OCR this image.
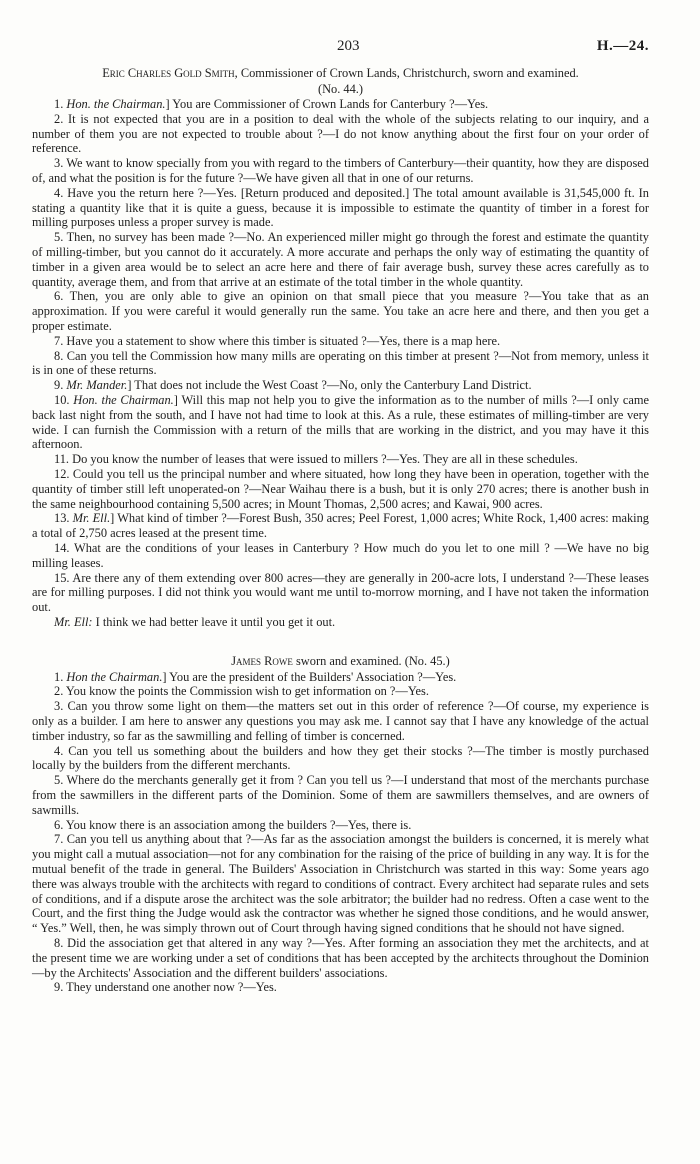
203	H.—24.

Eric Charles Gold Smith, Commissioner of Crown Lands, Christchurch, sworn and examined.

(No. 44.)

1. Hon. the Chairman.] You are Commissioner of Crown Lands for Canterbury ?—Yes.

2. It is not expected that you are in a position to deal with the whole of the subjects relating to our inquiry, and a number of them you are not expected to trouble about ?—I do not know anything about the first four on your order of reference.

3. We want to know specially from you with regard to the timbers of Canterbury—their quantity, how they are disposed of, and what the position is for the future ?—We have given all that in one of our returns.

4. Have you the return here ?—Yes. [Return produced and deposited.] The total amount available is 31,545,000 ft. In stating a quantity like that it is quite a guess, because it is impossible to estimate the quantity of timber in a forest for milling purposes unless a proper survey is made.

5. Then, no survey has been made ?—No. An experienced miller might go through the forest and estimate the quantity of milling-timber, but you cannot do it accurately. A more accurate and perhaps the only way of estimating the quantity of timber in a given area would be to select an acre here and there of fair average bush, survey these acres carefully as to quantity, average them, and from that arrive at an estimate of the total timber in the whole quantity.

6. Then, you are only able to give an opinion on that small piece that you measure ?—You take that as an approximation. If you were careful it would generally run the same. You take an acre here and there, and then you get a proper estimate.

7. Have you a statement to show where this timber is situated ?—Yes, there is a map here.

8. Can you tell the Commission how many mills are operating on this timber at present ?—Not from memory, unless it is in one of these returns.

9. Mr. Mander.] That does not include the West Coast ?—No, only the Canterbury Land District.

10. Hon. the Chairman.] Will this map not help you to give the information as to the number of mills ?—I only came back last night from the south, and I have not had time to look at this. As a rule, these estimates of milling-timber are very wide. I can furnish the Commission with a return of the mills that are working in the district, and you may have it this afternoon.

11. Do you know the number of leases that were issued to millers ?—Yes. They are all in these schedules.

12. Could you tell us the principal number and where situated, how long they have been in operation, together with the quantity of timber still left unoperated-on ?—Near Waihau there is a bush, but it is only 270 acres; there is another bush in the same neighbourhood containing 5,500 acres; in Mount Thomas, 2,500 acres; and Kawai, 900 acres.

13. Mr. Ell.] What kind of timber ?—Forest Bush, 350 acres; Peel Forest, 1,000 acres; White Rock, 1,400 acres: making a total of 2,750 acres leased at the present time.

14. What are the conditions of your leases in Canterbury ? How much do you let to one mill ? —We have no big milling leases.

15. Are there any of them extending over 800 acres—they are generally in 200-acre lots, I understand ?—These leases are for milling purposes. I did not think you would want me until to-morrow morning, and I have not taken the information out.

Mr. Ell: I think we had better leave it until you get it out.

James Rowe sworn and examined. (No. 45.)

1. Hon the Chairman.] You are the president of the Builders' Association ?—Yes.

2. You know the points the Commission wish to get information on ?—Yes.

3. Can you throw some light on them—the matters set out in this order of reference ?—Of course, my experience is only as a builder. I am here to answer any questions you may ask me. I cannot say that I have any knowledge of the actual timber industry, so far as the sawmilling and felling of timber is concerned.

4. Can you tell us something about the builders and how they get their stocks ?—The timber is mostly purchased locally by the builders from the different merchants.

5. Where do the merchants generally get it from ? Can you tell us ?—I understand that most of the merchants purchase from the sawmillers in the different parts of the Dominion. Some of them are sawmillers themselves, and are owners of sawmills.

6. You know there is an association among the builders ?—Yes, there is.

7. Can you tell us anything about that ?—As far as the association amongst the builders is concerned, it is merely what you might call a mutual association—not for any combination for the raising of the price of building in any way. It is for the mutual benefit of the trade in general. The Builders' Association in Christchurch was started in this way: Some years ago there was always trouble with the architects with regard to conditions of contract. Every architect had separate rules and sets of conditions, and if a dispute arose the architect was the sole arbitrator; the builder had no redress. Often a case went to the Court, and the first thing the Judge would ask the contractor was whether he signed those conditions, and he would answer, “ Yes.” Well, then, he was simply thrown out of Court through having signed conditions that he should not have signed.

8. Did the association get that altered in any way ?—Yes. After forming an association they met the architects, and at the present time we are working under a set of conditions that has been accepted by the architects throughout the Dominion—by the Architects' Association and the different builders' associations.

9. They understand one another now ?—Yes.
